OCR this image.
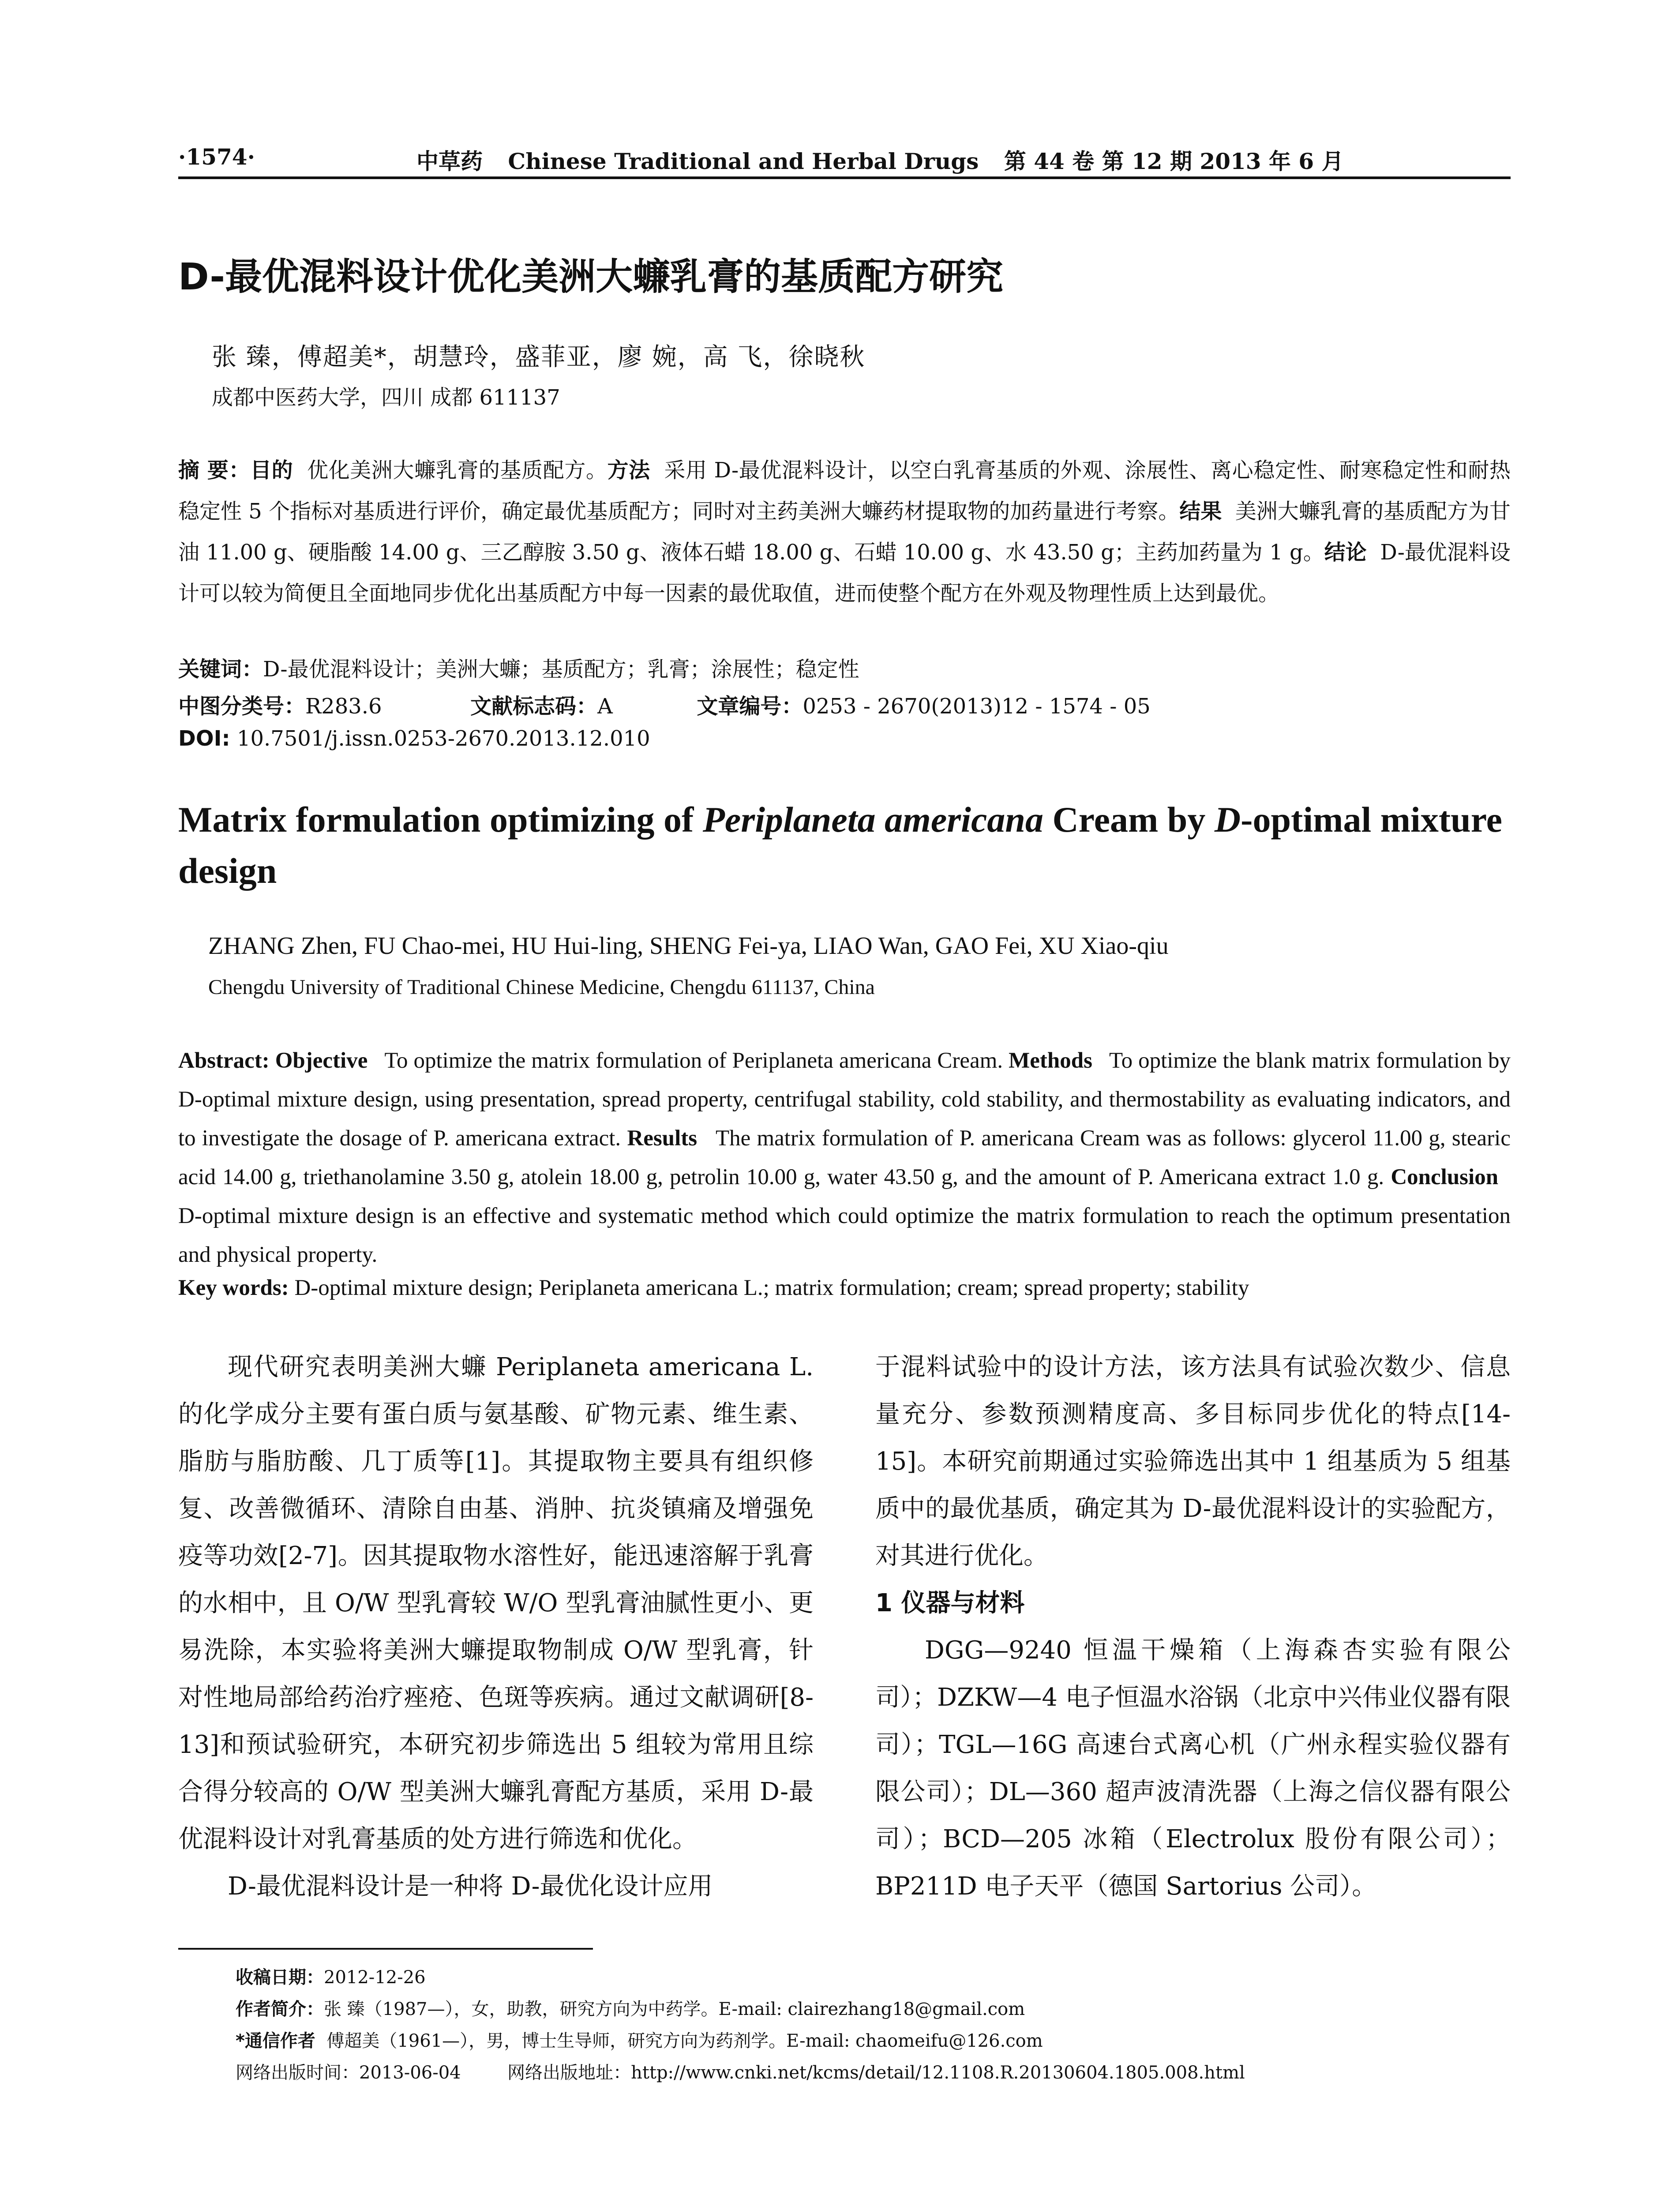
·1574·	中草药 Chinese Traditional and Herbal Drugs 第 44 卷 第 12 期 2013 年 6 月
D-最优混料设计优化美洲大蠊乳膏的基质配方研究
张 臻，傅超美*，胡慧玲，盛菲亚，廖 婉，高 飞，徐晓秋
成都中医药大学，四川 成都 611137
摘 要：目的 优化美洲大蠊乳膏的基质配方。方法 采用 D-最优混料设计，以空白乳膏基质的外观、涂展性、离心稳定性、耐寒稳定性和耐热稳定性 5 个指标对基质进行评价，确定最优基质配方；同时对主药美洲大蠊药材提取物的加药量进行考察。结果 美洲大蠊乳膏的基质配方为甘油 11.00 g、硬脂酸 14.00 g、三乙醇胺 3.50 g、液体石蜡 18.00 g、石蜡 10.00 g、水 43.50 g；主药加药量为 1 g。结论 D-最优混料设计可以较为简便且全面地同步优化出基质配方中每一因素的最优取值，进而使整个配方在外观及物理性质上达到最优。
关键词：D-最优混料设计；美洲大蠊；基质配方；乳膏；涂展性；稳定性
中图分类号：R283.6	文献标志码：A	文章编号：0253 - 2670(2013)12 - 1574 - 05
DOI: 10.7501/j.issn.0253-2670.2013.12.010
Matrix formulation optimizing of Periplaneta americana Cream by D-optimal mixture design
ZHANG Zhen, FU Chao-mei, HU Hui-ling, SHENG Fei-ya, LIAO Wan, GAO Fei, XU Xiao-qiu
Chengdu University of Traditional Chinese Medicine, Chengdu 611137, China
Abstract: Objective To optimize the matrix formulation of Periplaneta americana Cream. Methods To optimize the blank matrix formulation by D-optimal mixture design, using presentation, spread property, centrifugal stability, cold stability, and thermostability as evaluating indicators, and to investigate the dosage of P. americana extract. Results The matrix formulation of P. americana Cream was as follows: glycerol 11.00 g, stearic acid 14.00 g, triethanolamine 3.50 g, atolein 18.00 g, petrolin 10.00 g, water 43.50 g, and the amount of P. Americana extract 1.0 g. Conclusion   D-optimal mixture design is an effective and systematic method which could optimize the matrix formulation to reach the optimum presentation and physical property.
Key words: D-optimal mixture design; Periplaneta americana L.; matrix formulation; cream; spread property; stability

现代研究表明美洲大蠊 Periplaneta americana L. 的化学成分主要有蛋白质与氨基酸、矿物元素、维生素、脂肪与脂肪酸、几丁质等[1]。其提取物主要具有组织修复、改善微循环、清除自由基、消肿、抗炎镇痛及增强免疫等功效[2-7]。因其提取物水溶性好，能迅速溶解于乳膏的水相中，且 O/W 型乳膏较 W/O 型乳膏油腻性更小、更易洗除，本实验将美洲大蠊提取物制成 O/W 型乳膏，针对性地局部给药治疗痤疮、色斑等疾病。通过文献调研[8-13]和预试验研究，本研究初步筛选出 5 组较为常用且综合得分较高的 O/W 型美洲大蠊乳膏配方基质，采用 D-最优混料设计对乳膏基质的处方进行筛选和优化。

D-最优混料设计是一种将 D-最优化设计应用

于混料试验中的设计方法，该方法具有试验次数少、信息量充分、参数预测精度高、多目标同步优化的特点[14-15]。本研究前期通过实验筛选出其中 1 组基质为 5 组基质中的最优基质，确定其为 D-最优混料设计的实验配方，对其进行优化。

1 仪器与材料

DGG—9240 恒温干燥箱（上海森杏实验有限公司）；DZKW—4 电子恒温水浴锅（北京中兴伟业仪器有限司）；TGL—16G 高速台式离心机（广州永程实验仪器有限公司）；DL—360 超声波清洗器（上海之信仪器有限公司）；BCD—205 冰箱（Electrolux 股份有限公司）；BP211D 电子天平（德国 Sartorius 公司）。

收稿日期：2012-12-26
作者简介：张 臻（1987—），女，助教，研究方向为中药学。E-mail: clairezhang18@gmail.com
*通信作者 傅超美（1961—），男，博士生导师，研究方向为药剂学。E-mail: chaomeifu@126.com
网络出版时间：2013-06-04	网络出版地址：http://www.cnki.net/kcms/detail/12.1108.R.20130604.1805.008.html
